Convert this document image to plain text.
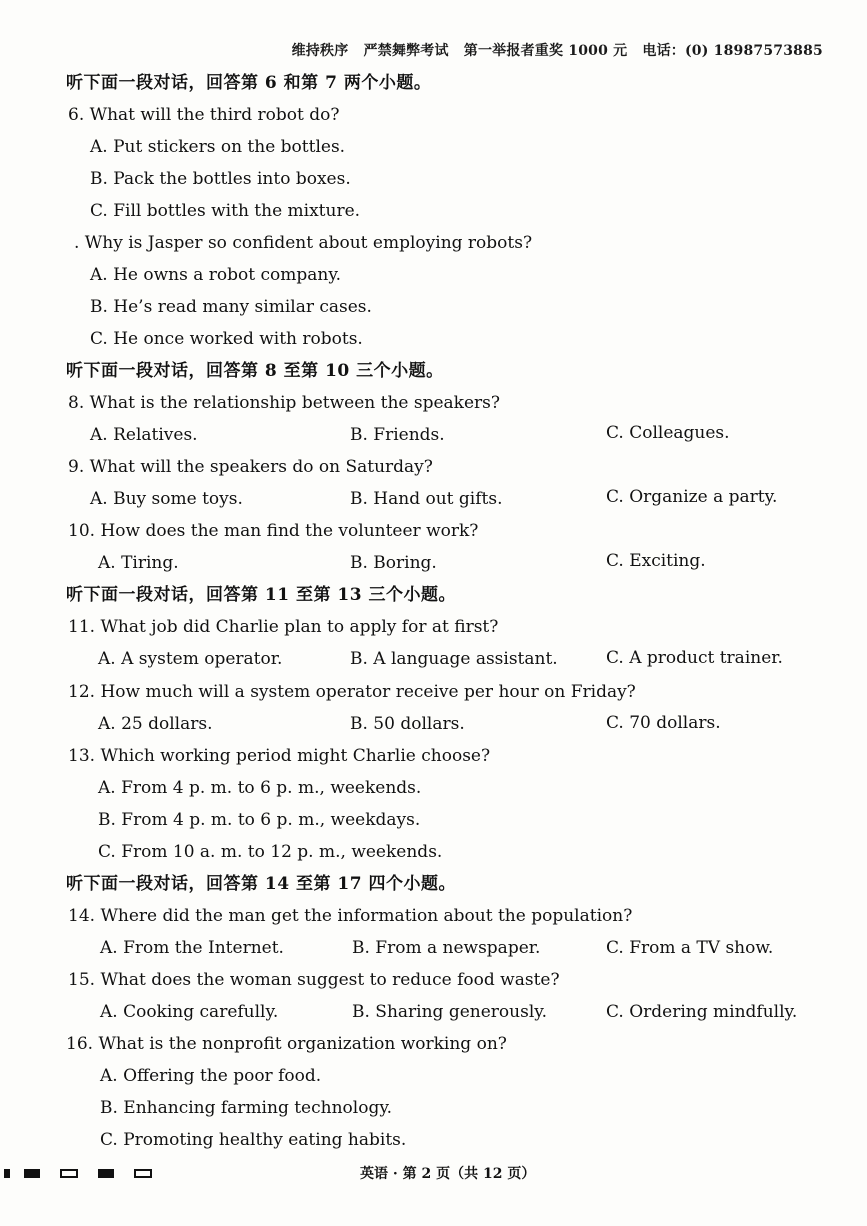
维持秩序 严禁舞弊考试 第一举报者重奖 1000 元 电话：(0) 18987573885
听下面一段对话，回答第 6 和第 7 两个小题。
6. What will the third robot do?
A. Put stickers on the bottles.
B. Pack the bottles into boxes.
C. Fill bottles with the mixture.
. Why is Jasper so confident about employing robots?
A. He owns a robot company.
B. He’s read many similar cases.
C. He once worked with robots.
听下面一段对话，回答第 8 至第 10 三个小题。
8. What is the relationship between the speakers?
A. Relatives.	B. Friends.	C. Colleagues.
9. What will the speakers do on Saturday?
A. Buy some toys.	B. Hand out gifts.	C. Organize a party.
10. How does the man find the volunteer work?
A. Tiring.	B. Boring.	C. Exciting.
听下面一段对话，回答第 11 至第 13 三个小题。
11. What job did Charlie plan to apply for at first?
A. A system operator.	B. A language assistant.	C. A product trainer.
12. How much will a system operator receive per hour on Friday?
A. 25 dollars.	B. 50 dollars.	C. 70 dollars.
13. Which working period might Charlie choose?
A. From 4 p. m. to 6 p. m., weekends.
B. From 4 p. m. to 6 p. m., weekdays.
C. From 10 a. m. to 12 p. m., weekends.
听下面一段对话，回答第 14 至第 17 四个小题。
14. Where did the man get the information about the population?
A. From the Internet.	B. From a newspaper.	C. From a TV show.
15. What does the woman suggest to reduce food waste?
A. Cooking carefully.	B. Sharing generously.	C. Ordering mindfully.
16. What is the nonprofit organization working on?
A. Offering the poor food.
B. Enhancing farming technology.
C. Promoting healthy eating habits.
英语 · 第 2 页（共 12 页）
